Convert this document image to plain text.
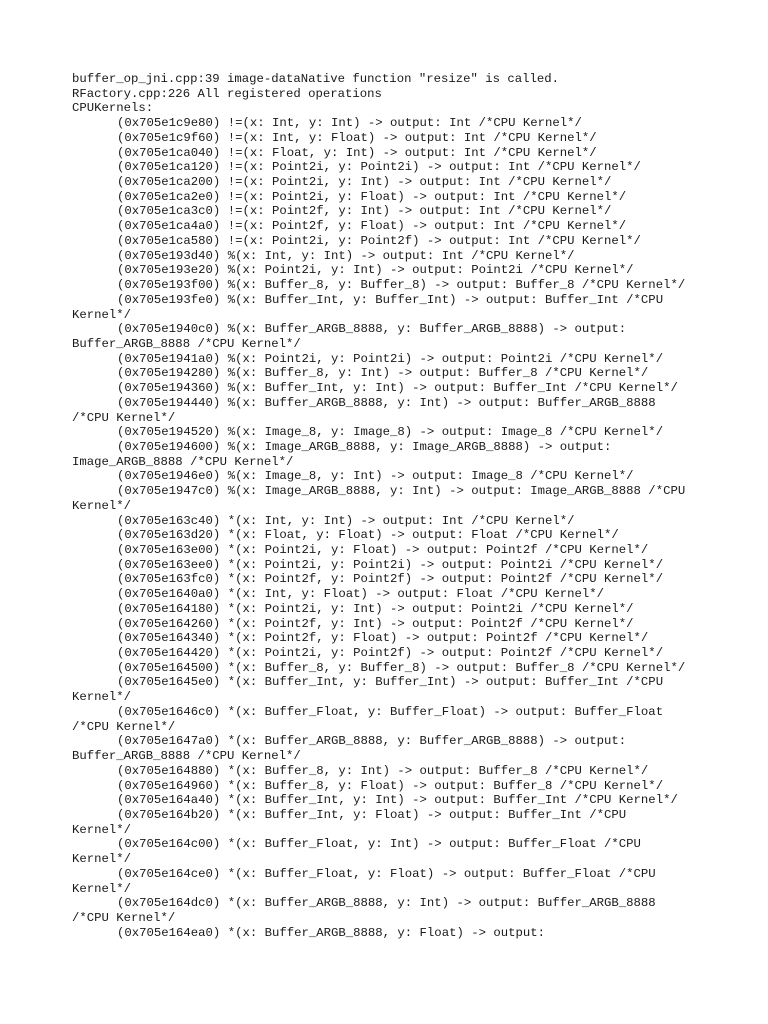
buffer_op_jni.cpp:39 image-dataNative function "resize" is called.
RFactory.cpp:226 All registered operations
CPUKernels:
(0x705e1c9e80) !=(x: Int, y: Int) -> output: Int /*CPU Kernel*/
(0x705e1c9f60) !=(x: Int, y: Float) -> output: Int /*CPU Kernel*/
(0x705e1ca040) !=(x: Float, y: Int) -> output: Int /*CPU Kernel*/
(0x705e1ca120) !=(x: Point2i, y: Point2i) -> output: Int /*CPU Kernel*/
(0x705e1ca200) !=(x: Point2i, y: Int) -> output: Int /*CPU Kernel*/
(0x705e1ca2e0) !=(x: Point2i, y: Float) -> output: Int /*CPU Kernel*/
(0x705e1ca3c0) !=(x: Point2f, y: Int) -> output: Int /*CPU Kernel*/
(0x705e1ca4a0) !=(x: Point2f, y: Float) -> output: Int /*CPU Kernel*/
(0x705e1ca580) !=(x: Point2i, y: Point2f) -> output: Int /*CPU Kernel*/
(0x705e193d40) %(x: Int, y: Int) -> output: Int /*CPU Kernel*/
(0x705e193e20) %(x: Point2i, y: Int) -> output: Point2i /*CPU Kernel*/
(0x705e193f00) %(x: Buffer_8, y: Buffer_8) -> output: Buffer_8 /*CPU Kernel*/
(0x705e193fe0) %(x: Buffer_Int, y: Buffer_Int) -> output: Buffer_Int /*CPU
Kernel*/
(0x705e1940c0) %(x: Buffer_ARGB_8888, y: Buffer_ARGB_8888) -> output:
Buffer_ARGB_8888 /*CPU Kernel*/
(0x705e1941a0) %(x: Point2i, y: Point2i) -> output: Point2i /*CPU Kernel*/
(0x705e194280) %(x: Buffer_8, y: Int) -> output: Buffer_8 /*CPU Kernel*/
(0x705e194360) %(x: Buffer_Int, y: Int) -> output: Buffer_Int /*CPU Kernel*/
(0x705e194440) %(x: Buffer_ARGB_8888, y: Int) -> output: Buffer_ARGB_8888
/*CPU Kernel*/
(0x705e194520) %(x: Image_8, y: Image_8) -> output: Image_8 /*CPU Kernel*/
(0x705e194600) %(x: Image_ARGB_8888, y: Image_ARGB_8888) -> output:
Image_ARGB_8888 /*CPU Kernel*/
(0x705e1946e0) %(x: Image_8, y: Int) -> output: Image_8 /*CPU Kernel*/
(0x705e1947c0) %(x: Image_ARGB_8888, y: Int) -> output: Image_ARGB_8888 /*CPU
Kernel*/
(0x705e163c40) *(x: Int, y: Int) -> output: Int /*CPU Kernel*/
(0x705e163d20) *(x: Float, y: Float) -> output: Float /*CPU Kernel*/
(0x705e163e00) *(x: Point2i, y: Float) -> output: Point2f /*CPU Kernel*/
(0x705e163ee0) *(x: Point2i, y: Point2i) -> output: Point2i /*CPU Kernel*/
(0x705e163fc0) *(x: Point2f, y: Point2f) -> output: Point2f /*CPU Kernel*/
(0x705e1640a0) *(x: Int, y: Float) -> output: Float /*CPU Kernel*/
(0x705e164180) *(x: Point2i, y: Int) -> output: Point2i /*CPU Kernel*/
(0x705e164260) *(x: Point2f, y: Int) -> output: Point2f /*CPU Kernel*/
(0x705e164340) *(x: Point2f, y: Float) -> output: Point2f /*CPU Kernel*/
(0x705e164420) *(x: Point2i, y: Point2f) -> output: Point2f /*CPU Kernel*/
(0x705e164500) *(x: Buffer_8, y: Buffer_8) -> output: Buffer_8 /*CPU Kernel*/
(0x705e1645e0) *(x: Buffer_Int, y: Buffer_Int) -> output: Buffer_Int /*CPU
Kernel*/
(0x705e1646c0) *(x: Buffer_Float, y: Buffer_Float) -> output: Buffer_Float
/*CPU Kernel*/
(0x705e1647a0) *(x: Buffer_ARGB_8888, y: Buffer_ARGB_8888) -> output:
Buffer_ARGB_8888 /*CPU Kernel*/
(0x705e164880) *(x: Buffer_8, y: Int) -> output: Buffer_8 /*CPU Kernel*/
(0x705e164960) *(x: Buffer_8, y: Float) -> output: Buffer_8 /*CPU Kernel*/
(0x705e164a40) *(x: Buffer_Int, y: Int) -> output: Buffer_Int /*CPU Kernel*/
(0x705e164b20) *(x: Buffer_Int, y: Float) -> output: Buffer_Int /*CPU
Kernel*/
(0x705e164c00) *(x: Buffer_Float, y: Int) -> output: Buffer_Float /*CPU
Kernel*/
(0x705e164ce0) *(x: Buffer_Float, y: Float) -> output: Buffer_Float /*CPU
Kernel*/
(0x705e164dc0) *(x: Buffer_ARGB_8888, y: Int) -> output: Buffer_ARGB_8888
/*CPU Kernel*/
(0x705e164ea0) *(x: Buffer_ARGB_8888, y: Float) -> output:
